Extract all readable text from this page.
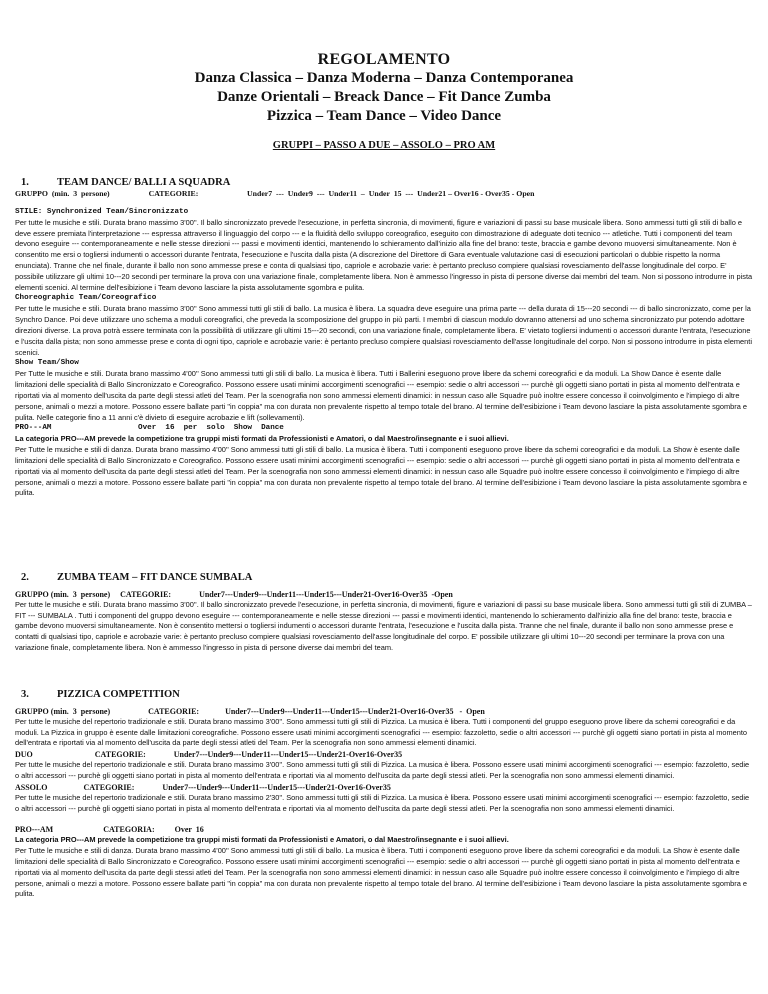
REGOLAMENTO
Danza Classica – Danza Moderna – Danza Contemporanea
Danze Orientali – Breack Dance – Fit Dance Zumba
Pizzica – Team Dance – Video Dance
GRUPPI – PASSO A DUE – ASSOLO – PRO AM
1.	TEAM DANCE/ BALLI A SQUADRA
GRUPPO  (min.  3  persone)                    CATEGORIE:                         Under7  ---  Under9  ---  Under11  –  Under  15  ---  Under21 – Over16 - Over35 - Open
STILE: Synchronized Team/Sincronizzato

Per tutte le musiche e stili. Durata brano massimo 3'00''. Il ballo sincronizzato prevede l'esecuzione, in perfetta sincronia, di movimenti, figure e variazioni di passi su base musicale libera. Sono ammessi tutti gli stili di ballo e deve essere premiata l'interpretazione --- espressa attraverso il linguaggio del corpo --- e la fluidità dello sviluppo coreografico, eseguito con dimostrazione di adeguate doti tecnico --- atletiche. Tutti i componenti del team devono eseguire --- contemporaneamente e nelle stesse direzioni --- passi e movimenti identici, mantenendo lo schieramento dall'inizio alla fine del brano: teste, braccia e gambe devono muoversi simultaneamente. Non è consentito me ersi o togliersi indumenti o accessori durante l'entrata, l'esecuzione e l'uscita dalla pista (A discrezione del Direttore di Gara eventuale valutazione casi di esecuzioni particolari o dubbie rispetto la norma enunciata). Tranne che nel finale, durante il ballo non sono ammesse prese e conta di qualsiasi tipo, capriole e acrobazie varie: è pertanto precluso compiere qualsiasi rovesciamento dell'asse longitudinale del corpo. E' possibile utilizzare gli ultimi 10---20 secondi per terminare la prova con una variazione finale, completamente libera. Non è ammesso l'ingresso in pista di persone diverse dai membri del team. Non si possono introdurre in pista elementi scenici. Al termine dell'esibizione i Team devono lasciare la pista assolutamente sgombra e pulita.

Choreographic Team/Coreografico

Per tutte le musiche e stili. Durata brano massimo 3'00'' Sono ammessi tutti gli stili di ballo. La musica è libera. La squadra deve eseguire una prima parte --- della durata di 15---20 secondi --- di ballo sincronizzato, come per la Synchro Dance. Poi deve utilizzare uno schema a moduli coreografici, che preveda la scomposizione del gruppo in più parti. I membri di ciascun modulo dovranno attenersi ad uno schema sincronizzato pur potendo adottare direzioni diverse. La prova potrà essere terminata con la possibilità di utilizzare gli ultimi 15---20 secondi, con una variazione finale, completamente libera. E' vietato togliersi indumenti o accessori durante l'entrata, l'esecuzione e l'uscita dalla pista; non sono ammesse prese e conta di ogni tipo, capriole e acrobazie varie: è pertanto precluso compiere qualsiasi rovesciamento dell'asse longitudinale del corpo. Non si possono introdurre in pista elementi scenici.

Show Team/Show

Per Tutte le musiche e stili. Durata brano massimo 4'00'' Sono ammessi tutti gli stili di ballo. La musica è libera. Tutti i Ballerini eseguono prove libere da schemi coreografici e da moduli. La Show Dance è esente dalle limitazioni delle specialità di Ballo Sincronizzato e Coreografico. Possono essere usati minimi accorgimenti scenografici --- esempio: sedie o altri accessori --- purchè gli oggetti siano portati in pista al momento dell'entrata e riportati via al momento dell'uscita da parte degli stessi atleti del Team. Per la scenografia non sono ammessi elementi dinamici: in nessun caso alle Squadre può inoltre essere concesso il coinvolgimento e l'impiego di altre persone, animali o mezzi a motore. Possono essere ballate parti "in coppia" ma con durata non prevalente rispetto al tempo totale del brano. Al termine dell'esibizione i Team devono lasciare la pista assolutamente sgombra e pulita. Nelle categorie fino a 11 anni c'è divieto di eseguire acrobazie e lift (sollevamenti).

PRO---AM                   Over  16  per  solo  Show  Dance

La categoria PRO---AM prevede la competizione tra gruppi misti formati da Professionisti e Amatori, o dal Maestro/insegnante e i suoi allievi.

Per Tutte le musiche e stili di danza. Durata brano massimo 4'00'' Sono ammessi tutti gli stili di ballo. La musica è libera. Tutti i componenti eseguono prove libere da schemi coreografici e da moduli. La Show è esente dalle limitazioni delle specialità di Ballo Sincronizzato e Coreografico. Possono essere usati minimi accorgimenti scenografici --- esempio: sedie o altri accessori --- purchè gli oggetti siano portati in pista al momento dell'entrata e riportati via al momento dell'uscita da parte degli stessi atleti del Team. Per la scenografia non sono ammessi elementi dinamici: in nessun caso alle Squadre può inoltre essere concesso il coinvolgimento e l'impiego di altre persone, animali o mezzi a motore. Possono essere ballate parti "in coppia" ma con durata non prevalente rispetto al tempo totale del brano. Al termine dell'esibizione i Team devono lasciare la pista assolutamente sgombra e pulita.

2.	ZUMBA TEAM – FIT DANCE SUMBALA
GRUPPO (min.  3  persone)     CATEGORIE:              Under7---Under9---Under11---Under15---Under21-Over16-Over35  -Open

Per tutte le musiche e stili. Durata brano massimo 3'00''. Il ballo sincronizzato prevede l'esecuzione, in perfetta sincronia, di movimenti, figure e variazioni di passi su base musicale libera. Sono ammessi tutti gli stili di ZUMBA – FIT --- SUMBALA . Tutti i componenti del gruppo devono eseguire --- contemporaneamente e nelle stesse direzioni --- passi e movimenti identici, mantenendo lo schieramento dall'inizio alla fine del brano: teste, braccia e gambe devono muoversi simultaneamente. Non è consentito mettersi o togliersi indumenti o accessori durante l'entrata, l'esecuzione e l'uscita dalla pista. Tranne che nel finale, durante il ballo non sono ammesse prese e contatti di qualsiasi tipo, capriole e acrobazie varie: è pertanto precluso compiere qualsiasi rovesciamento dell'asse longitudinale del corpo. E' possibile utilizzare gli ultimi 10---20 secondi per terminare la prova con una variazione finale, completamente libera. Non è ammesso l'ingresso in pista di persone diverse dai membri del team.

3.	PIZZICA COMPETITION
GRUPPO (min.  3  persone)                   CATEGORIE:             Under7---Under9---Under11---Under15---Under21-Over16-Over35   -  Open

Per tutte le musiche del repertorio tradizionale e stili. Durata brano massimo 3'00''. Sono ammessi tutti gli stili di Pizzica. La musica è libera. Tutti i componenti del gruppo eseguono prove libere da schemi coreografici e da moduli. La Pizzica in gruppo è esente dalle limitazioni coreografiche. Possono essere usati minimi accorgimenti scenografici --- esempio: fazzoletto, sedie o altri accessori --- purchè gli oggetti siano portati in pista al momento dell'entrata e riportati via al momento dell'uscita da parte degli stessi atleti del Team. Per la scenografia non sono ammessi elementi dinamici.

DUO                               CATEGORIE:              Under7---Under9---Under11---Under15---Under21-Over16-Over35

Per tutte le musiche del repertorio tradizionale e stili. Durata brano massimo 3'00''. Sono ammessi tutti gli stili di Pizzica. La musica è libera. Possono essere usati minimi accorgimenti scenografici --- esempio: fazzoletto, sedie o altri accessori --- purchè gli oggetti siano portati in pista al momento dell'entrata e riportati via al momento dell'uscita da parte degli stessi atleti. Per la scenografia non sono ammessi elementi dinamici.

ASSOLO                  CATEGORIE:              Under7---Under9---Under11---Under15---Under21-Over16-Over35

Per tutte le musiche del repertorio tradizionale e stili. Durata brano massimo 2'30''. Sono ammessi tutti gli stili di Pizzica. La musica è libera. Possono essere usati minimi accorgimenti scenografici --- esempio: fazzoletto, sedie o altri accessori --- purchè gli oggetti siano portati in pista al momento dell'entrata e riportati via al momento dell'uscita da parte degli stessi atleti. Per la scenografia non sono ammessi elementi dinamici.

PRO---AM                         CATEGORIA:          Over  16

La categoria PRO---AM prevede la competizione tra gruppi misti formati da Professionisti e Amatori, o dal Maestro/insegnante e i suoi allievi.

Per Tutte le musiche e stili di danza. Durata brano massimo 4'00'' Sono ammessi tutti gli stili di ballo. La musica è libera. Tutti i componenti eseguono prove libere da schemi coreografici e da moduli. La Show è esente dalle limitazioni delle specialità di Ballo Sincronizzato e Coreografico. Possono essere usati minimi accorgimenti scenografici --- esempio: sedie o altri accessori --- purchè gli oggetti siano portati in pista al momento dell'entrata e riportati via al momento dell'uscita da parte degli stessi atleti del Team. Per la scenografia non sono ammessi elementi dinamici: in nessun caso alle Squadre può inoltre essere concesso il coinvolgimento e l'impiego di altre persone, animali o mezzi a motore. Possono essere ballate parti "in coppia" ma con durata non prevalente rispetto al tempo totale del brano. Al termine dell'esibizione i Team devono lasciare la pista assolutamente sgombra e pulita.
